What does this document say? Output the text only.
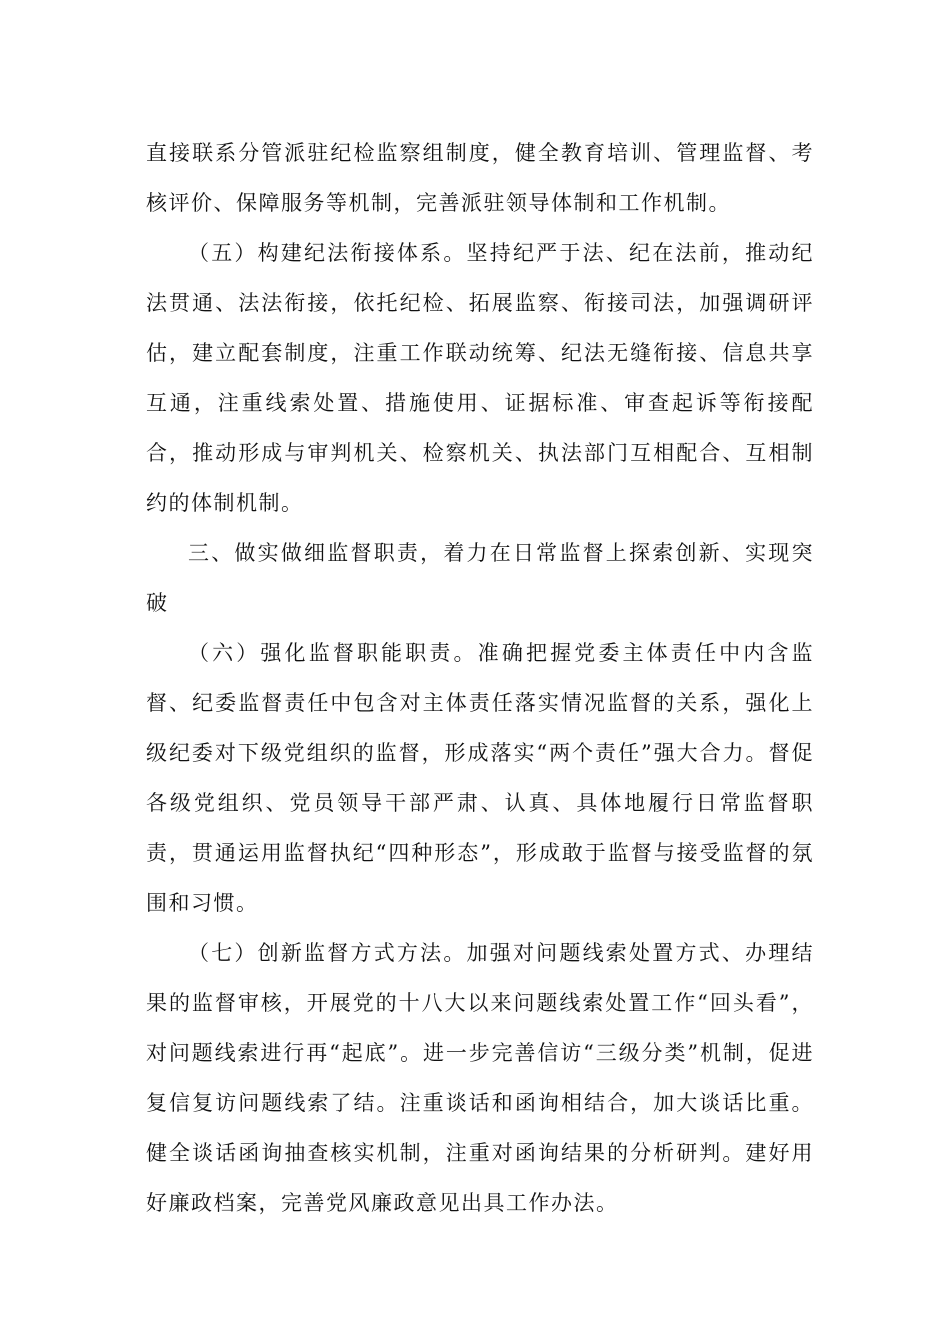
直接联系分管派驻纪检监察组制度，健全教育培训、管理监督、考核评价、保障服务等机制，完善派驻领导体制和工作机制。

（五）构建纪法衔接体系。坚持纪严于法、纪在法前，推动纪法贯通、法法衔接，依托纪检、拓展监察、衔接司法，加强调研评估，建立配套制度，注重工作联动统筹、纪法无缝衔接、信息共享互通，注重线索处置、措施使用、证据标准、审查起诉等衔接配合，推动形成与审判机关、检察机关、执法部门互相配合、互相制约的体制机制。

三、做实做细监督职责，着力在日常监督上探索创新、实现突破

（六）强化监督职能职责。准确把握党委主体责任中内含监督、纪委监督责任中包含对主体责任落实情况监督的关系，强化上级纪委对下级党组织的监督，形成落实“两个责任”强大合力。督促各级党组织、党员领导干部严肃、认真、具体地履行日常监督职责，贯通运用监督执纪“四种形态”，形成敢于监督与接受监督的氛围和习惯。

（七）创新监督方式方法。加强对问题线索处置方式、办理结果的监督审核，开展党的十八大以来问题线索处置工作“回头看”，对问题线索进行再“起底”。进一步完善信访“三级分类”机制，促进复信复访问题线索了结。注重谈话和函询相结合，加大谈话比重。健全谈话函询抽查核实机制，注重对函询结果的分析研判。建好用好廉政档案，完善党风廉政意见出具工作办法。
